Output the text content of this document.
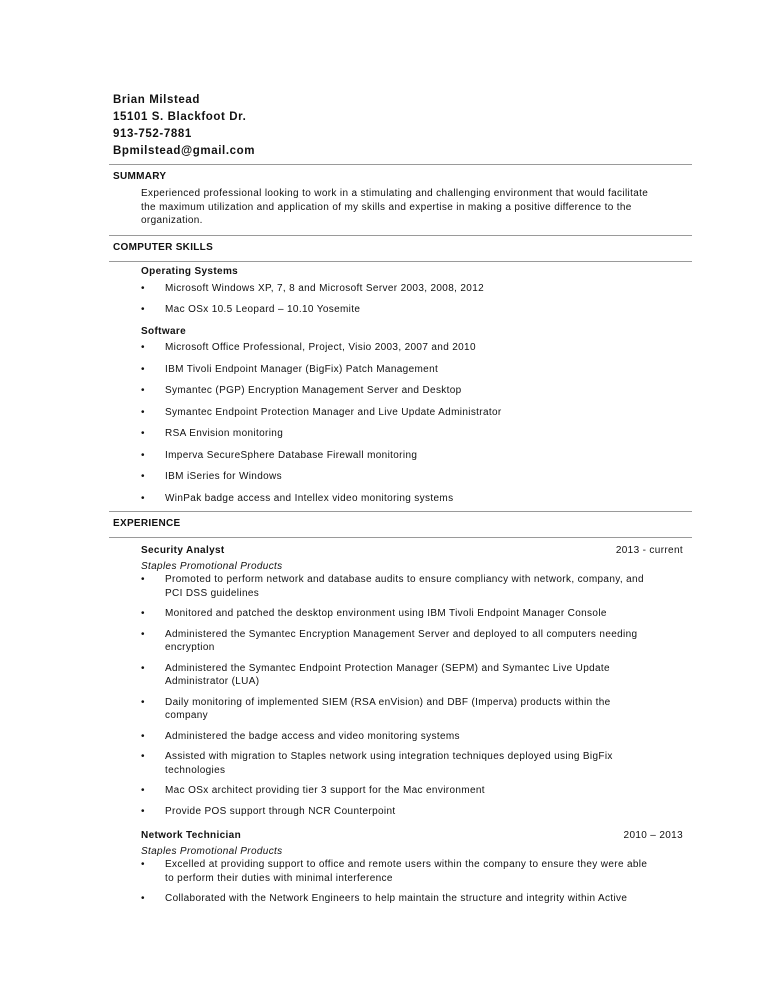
Brian Milstead
15101 S. Blackfoot Dr.
913-752-7881
Bpmilstead@gmail.com
SUMMARY
Experienced professional looking to work in a stimulating and challenging environment that would facilitate
the maximum utilization and application of my skills and expertise in making a positive difference to the
organization.
COMPUTER SKILLS
Operating Systems
• Microsoft Windows XP, 7, 8 and Microsoft Server 2003, 2008, 2012
• Mac OSx 10.5 Leopard – 10.10 Yosemite
Software
• Microsoft Office Professional, Project, Visio 2003, 2007 and 2010
• IBM Tivoli Endpoint Manager (BigFix) Patch Management
• Symantec (PGP) Encryption Management Server and Desktop
• Symantec Endpoint Protection Manager and Live Update Administrator
• RSA Envision monitoring
• Imperva SecureSphere Database Firewall monitoring
• IBM iSeries for Windows
• WinPak badge access and Intellex video monitoring systems
EXPERIENCE
Security Analyst	2013 - current
Staples Promotional Products
• Promoted to perform network and database audits to ensure compliancy with network, company, and
PCI DSS guidelines
• Monitored and patched the desktop environment using IBM Tivoli Endpoint Manager Console
• Administered the Symantec Encryption Management Server and deployed to all computers needing
encryption
• Administered the Symantec Endpoint Protection Manager (SEPM) and Symantec Live Update
Administrator (LUA)
• Daily monitoring of implemented SIEM (RSA enVision) and DBF (Imperva) products within the
company
• Administered the badge access and video monitoring systems
• Assisted with migration to Staples network using integration techniques deployed using BigFix
technologies
• Mac OSx architect providing tier 3 support for the Mac environment
• Provide POS support through NCR Counterpoint
Network Technician	2010 – 2013
Staples Promotional Products
• Excelled at providing support to office and remote users within the company to ensure they were able
to perform their duties with minimal interference
• Collaborated with the Network Engineers to help maintain the structure and integrity within Active
